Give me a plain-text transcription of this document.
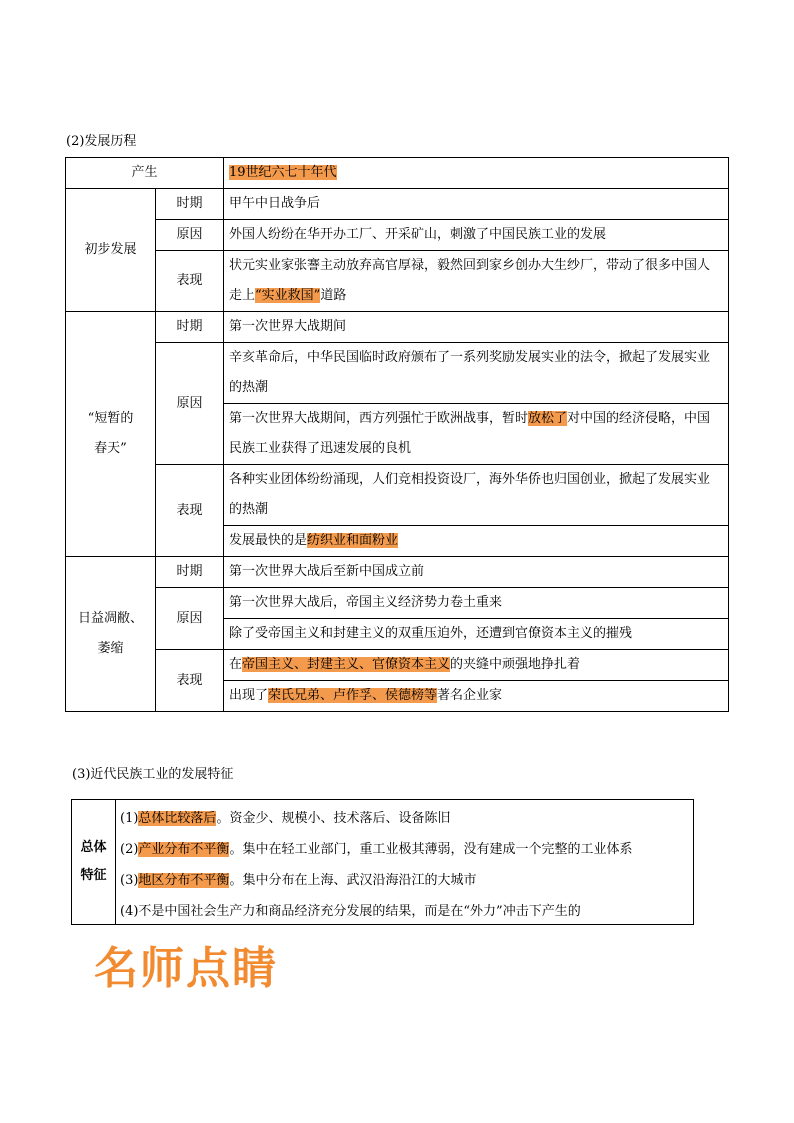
(2)发展历程
产生		19世纪六七十年代
初步发展	时期	甲午中日战争后
	原因	外国人纷纷在华开办工厂、开采矿山，刺激了中国民族工业的发展
	表现	状元实业家张謇主动放弃高官厚禄，毅然回到家乡创办大生纱厂，带动了很多中国人走上“实业救国”道路

“短暂的
春天”	时期	第一次世界大战期间
	原因	辛亥革命后，中华民国临时政府颁布了一系列奖励发展实业的法令，掀起了发展实业的热潮

		第一次世界大战期间，西方列强忙于欧洲战事，暂时放松了对中国的经济侵略，中国民族工业获得了迅速发展的良机

	表现	各种实业团体纷纷涌现，人们竞相投资设厂，海外华侨也归国创业，掀起了发展实业的热潮

		发展最快的是纺织业和面粉业
日益凋敝、
萎缩	时期	第一次世界大战后至新中国成立前
	原因	第一次世界大战后，帝国主义经济势力卷土重来
		除了受帝国主义和封建主义的双重压迫外，还遭到官僚资本主义的摧残
	表现	在帝国主义、封建主义、官僚资本主义的夹缝中顽强地挣扎着
		出现了荣氏兄弟、卢作孚、侯德榜等著名企业家
(3)近代民族工业的发展特征
总体
特征
(1)总体比较落后。资金少、规模小、技术落后、设备陈旧
(2)产业分布不平衡。集中在轻工业部门，重工业极其薄弱，没有建成一个完整的工业体系
(3)地区分布不平衡。集中分布在上海、武汉沿海沿江的大城市
(4)不是中国社会生产力和商品经济充分发展的结果，而是在“外力”冲击下产生的
名师点睛
